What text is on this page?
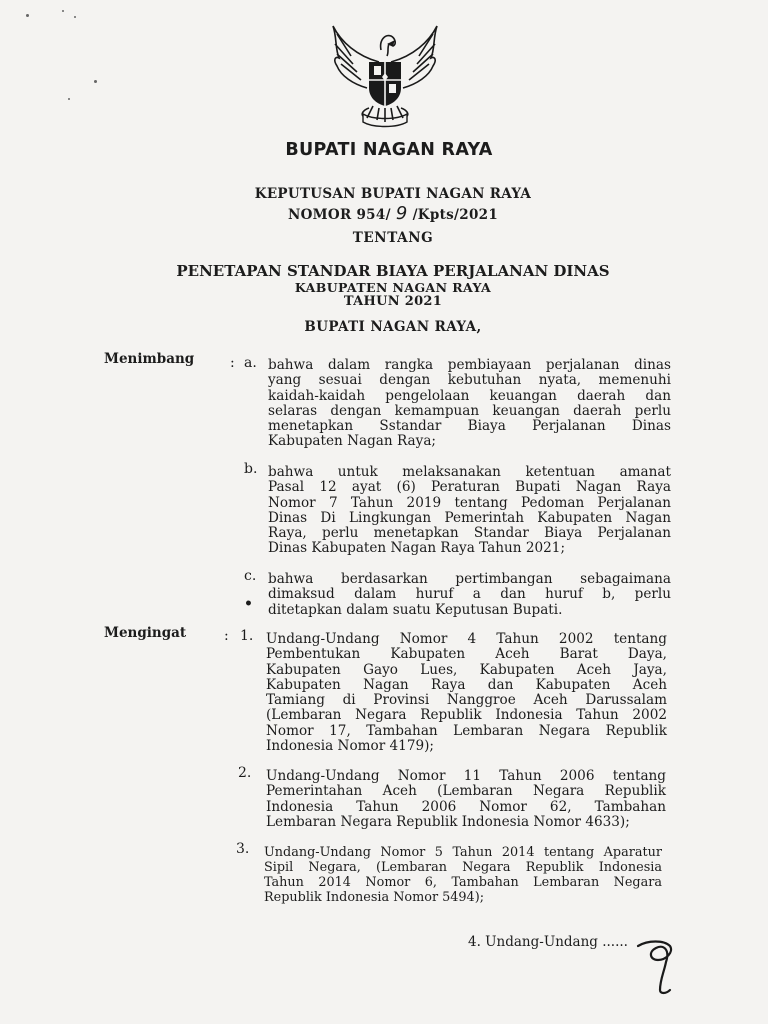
BUPATI NAGAN RAYA
KEPUTUSAN BUPATI NAGAN RAYA
NOMOR 954/ 9 /Kpts/2021
TENTANG
PENETAPAN STANDAR BIAYA PERJALANAN DINAS
KABUPATEN NAGAN RAYA
TAHUN 2021
BUPATI NAGAN RAYA,
Menimbang	: a. bahwa dalam rangka pembiayaan perjalanan dinas
yang sesuai dengan kebutuhan nyata, memenuhi
kaidah-kaidah pengelolaan keuangan daerah dan
selaras dengan kemampuan keuangan daerah perlu
menetapkan Sstandar Biaya Perjalanan Dinas
Kabupaten Nagan Raya;
b. bahwa untuk melaksanakan ketentuan amanat
Pasal 12 ayat (6) Peraturan Bupati Nagan Raya
Nomor 7 Tahun 2019 tentang Pedoman Perjalanan
Dinas Di Lingkungan Pemerintah Kabupaten Nagan
Raya, perlu menetapkan Standar Biaya Perjalanan
Dinas Kabupaten Nagan Raya Tahun 2021;
c. bahwa berdasarkan pertimbangan sebagaimana
dimaksud dalam huruf a dan huruf b, perlu
ditetapkan dalam suatu Keputusan Bupati.
•
Mengingat	: 1. Undang-Undang Nomor 4 Tahun 2002 tentang
Pembentukan Kabupaten Aceh Barat Daya,
Kabupaten Gayo Lues, Kabupaten Aceh Jaya,
Kabupaten Nagan Raya dan Kabupaten Aceh
Tamiang di Provinsi Nanggroe Aceh Darussalam
(Lembaran Negara Republik Indonesia Tahun 2002
Nomor 17, Tambahan Lembaran Negara Republik
Indonesia Nomor 4179);
2. Undang-Undang Nomor 11 Tahun 2006 tentang
Pemerintahan Aceh (Lembaran Negara Republik
Indonesia Tahun 2006 Nomor 62, Tambahan
Lembaran Negara Republik Indonesia Nomor 4633);
3. Undang-Undang Nomor 5 Tahun 2014 tentang Aparatur
Sipil Negara, (Lembaran Negara Republik Indonesia
Tahun 2014 Nomor 6, Tambahan Lembaran Negara
Republik Indonesia Nomor 5494);
4. Undang-Undang ......
